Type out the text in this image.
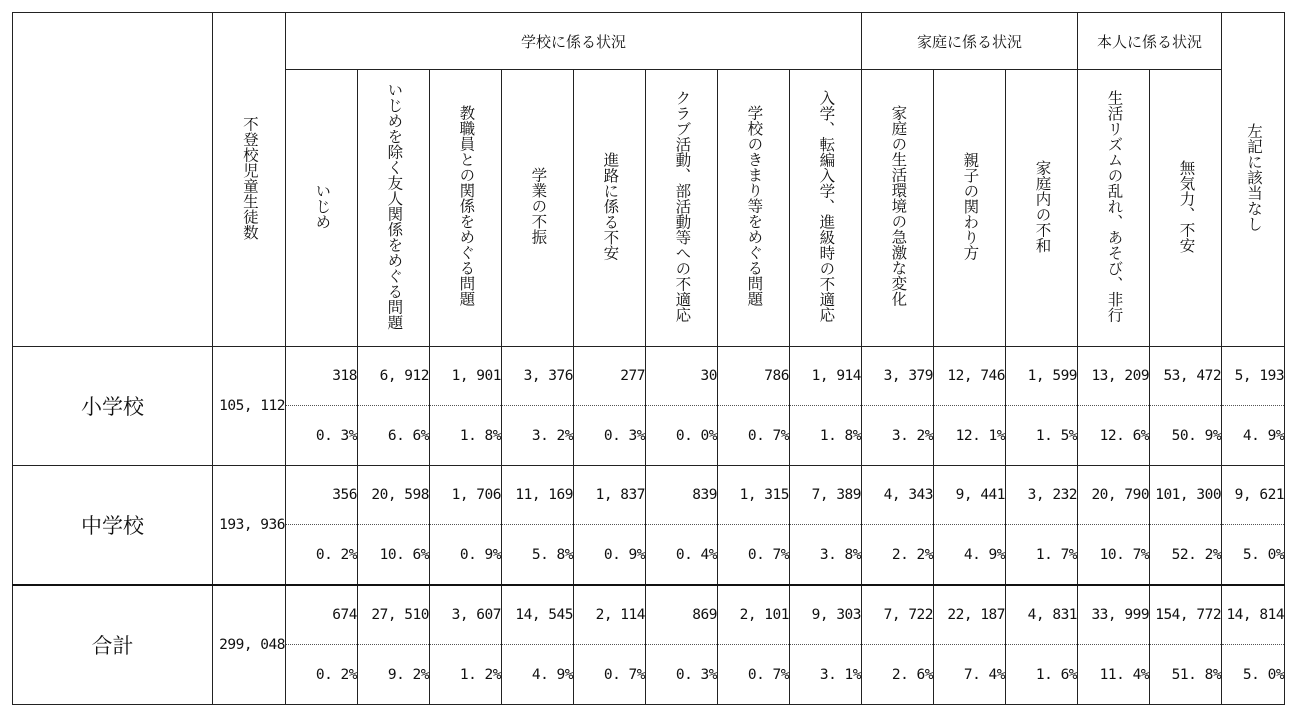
	不登校児童生徒数	学校に係る状況								家庭に係る状況			本人に係る状況		左記に該当なし
		いじめ	いじめを除く友人関係をめぐる問題	教職員との関係をめぐる問題	学業の不振	進路に係る不安	クラブ活動、部活動等への不適応	学校のきまり等をめぐる問題	入学、転編入学、進級時の不適応	家庭の生活環境の急激な変化	親子の関わり方	家庭内の不和	生活リズムの乱れ、あそび、非行	無気力、不安	
小学校	105, 112	318	6, 912	1, 901	3, 376	277	30	786	1, 914	3, 379	12, 746	1, 599	13, 209	53, 472	5, 193
		0. 3%	6. 6%	1. 8%	3. 2%	0. 3%	0. 0%	0. 7%	1. 8%	3. 2%	12. 1%	1. 5%	12. 6%	50. 9%	4. 9%
中学校	193, 936	356	20, 598	1, 706	11, 169	1, 837	839	1, 315	7, 389	4, 343	9, 441	3, 232	20, 790	101, 300	9, 621
		0. 2%	10. 6%	0. 9%	5. 8%	0. 9%	0. 4%	0. 7%	3. 8%	2. 2%	4. 9%	1. 7%	10. 7%	52. 2%	5. 0%
合計	299, 048	674	27, 510	3, 607	14, 545	2, 114	869	2, 101	9, 303	7, 722	22, 187	4, 831	33, 999	154, 772	14, 814
		0. 2%	9. 2%	1. 2%	4. 9%	0. 7%	0. 3%	0. 7%	3. 1%	2. 6%	7. 4%	1. 6%	11. 4%	51. 8%	5. 0%
